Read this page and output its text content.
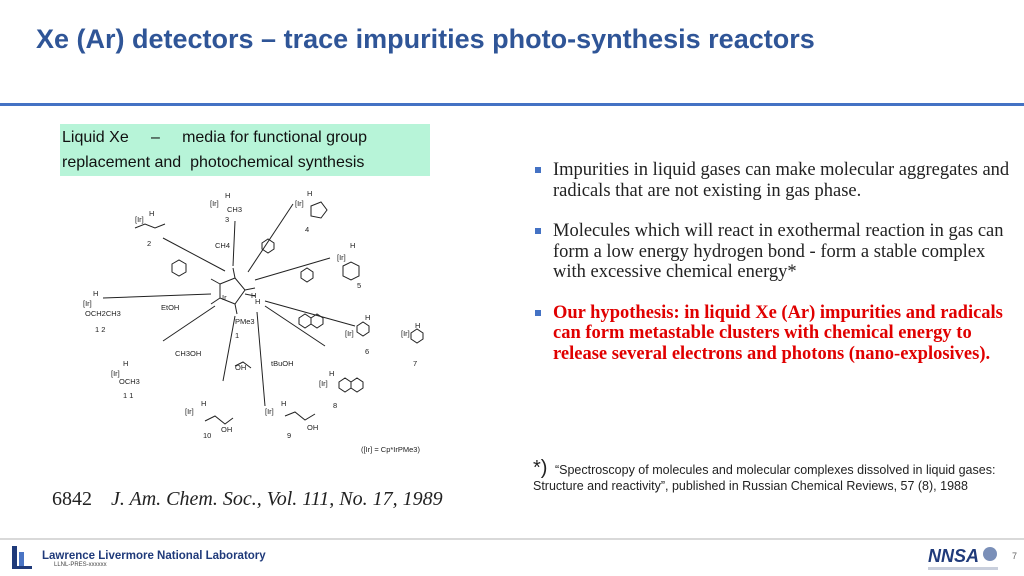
Xe (Ar) detectors – trace impurities photo-synthesis reactors
Liquid Xe     –     media for functional group
replacement and  photochemical synthesis
Ir	H
H
PMe3
1
[Ir]
H
CH3
3
[Ir]
H
2	CH4
[Ir]
H
4
[Ir]
H
5
[Ir]
H
OCH2CH3
1 2
EtOH
CH3OH
[Ir]
H
OCH3
1 1
OH	tBuOH
[Ir]
H
6
[Ir]
H
7
[Ir]
H
8
[Ir]
H
OH
10
[Ir]
H
OH
9
([Ir] = Cp*IrPMe3)
6842 J. Am. Chem. Soc., Vol. 111, No. 17, 1989
Impurities in liquid gases can make molecular aggregates and radicals that are not existing in gas phase.
Molecules which will react in exothermal reaction in gas can form a low energy hydrogen bond - form a stable complex with excessive chemical energy*
Our hypothesis: in liquid Xe (Ar) impurities and radicals can form metastable clusters with chemical energy to release several electrons and photons (nano-explosives).
*) “Spectroscopy of molecules and molecular complexes dissolved in liquid gases: Structure and reactivity”, published in Russian Chemical Reviews, 57 (8), 1988
Lawrence Livermore National Laboratory
LLNL-PRES-xxxxxx	NNSA	7
